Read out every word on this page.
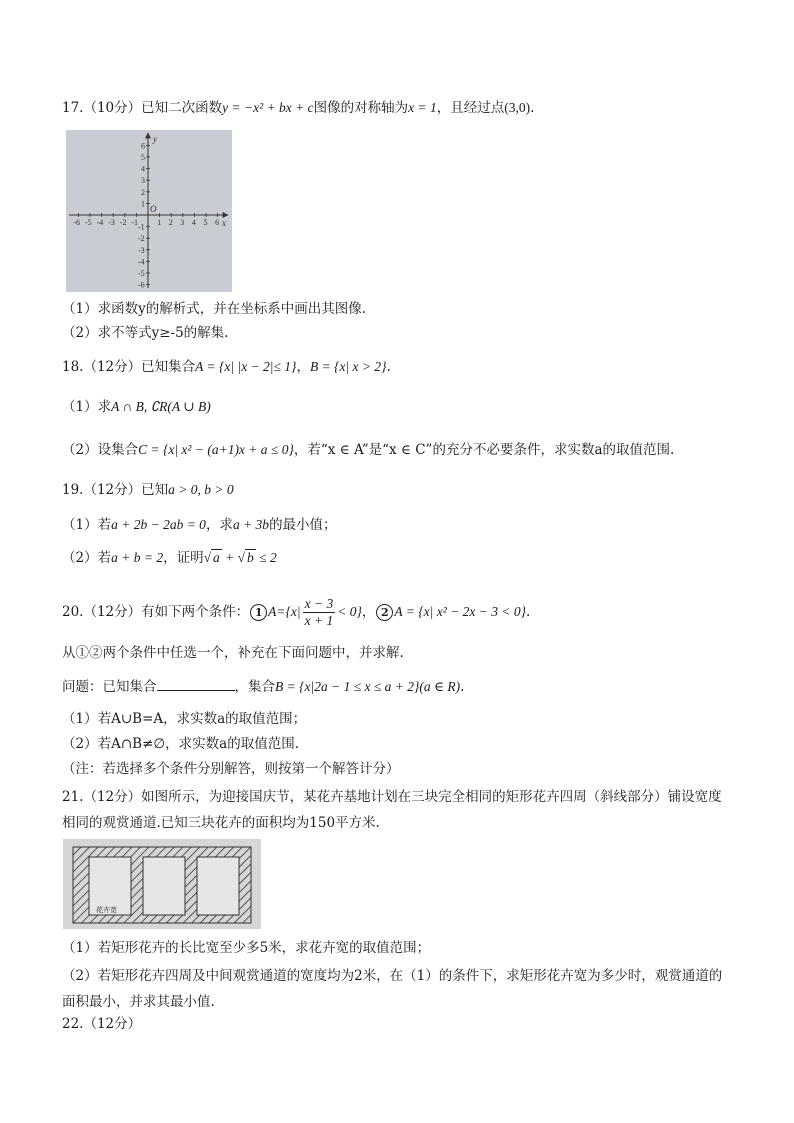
17.（10分）已知二次函数y = −x² + bx + c图像的对称轴为x = 1，且经过点(3,0).
-6 -5 -4 -3 -2 -1 1 2 3 4 5 6
6
5
4
3
2
1
-1
-2
-3
-4
-5
-6
y
x
O
（1）求函数y的解析式，并在坐标系中画出其图像.
（2）求不等式y≥-5的解集.
18.（12分）已知集合A = {x| |x − 2|≤ 1}，B = {x| x > 2}.
（1）求A ∩ B, ∁R(A ∪ B)
（2）设集合C = {x| x² − (a+1)x + a ≤ 0}，若“x ∈ A”是“x ∈ C”的充分不必要条件，求实数a的取值范围.
19.（12分）已知a > 0, b > 0
（1）若a + 2b − 2ab = 0，求a + 3b的最小值；
（2）若a + b = 2，证明√ a + √ b ≤ 2
20.（12分）有如下两个条件： 1 $A=\{x| \frac{x - 3}{x + 1} < 0\}$， 2 A = {x| x² − 2x − 3 < 0}.
从①②两个条件中任选一个，补充在下面问题中，并求解.
问题：已知集合	，集合B = {x|2a − 1 ≤ x ≤ a + 2}(a ∈ R).
（1）若A∪B=A，求实数a的取值范围；
（2）若A∩B≠∅，求实数a的取值范围.
（注：若选择多个条件分别解答，则按第一个解答计分）
21.（12分）如图所示，为迎接国庆节，某花卉基地计划在三块完全相同的矩形花卉四周（斜线部分）铺设宽度相同的观赏通道.已知三块花卉的面积均为150平方米.
花卉宽
（1）若矩形花卉的长比宽至少多5米，求花卉宽的取值范围；
（2）若矩形花卉四周及中间观赏通道的宽度均为2米，在（1）的条件下，求矩形花卉宽为多少时，观赏通道的面积最小，并求其最小值.
22.（12分）
